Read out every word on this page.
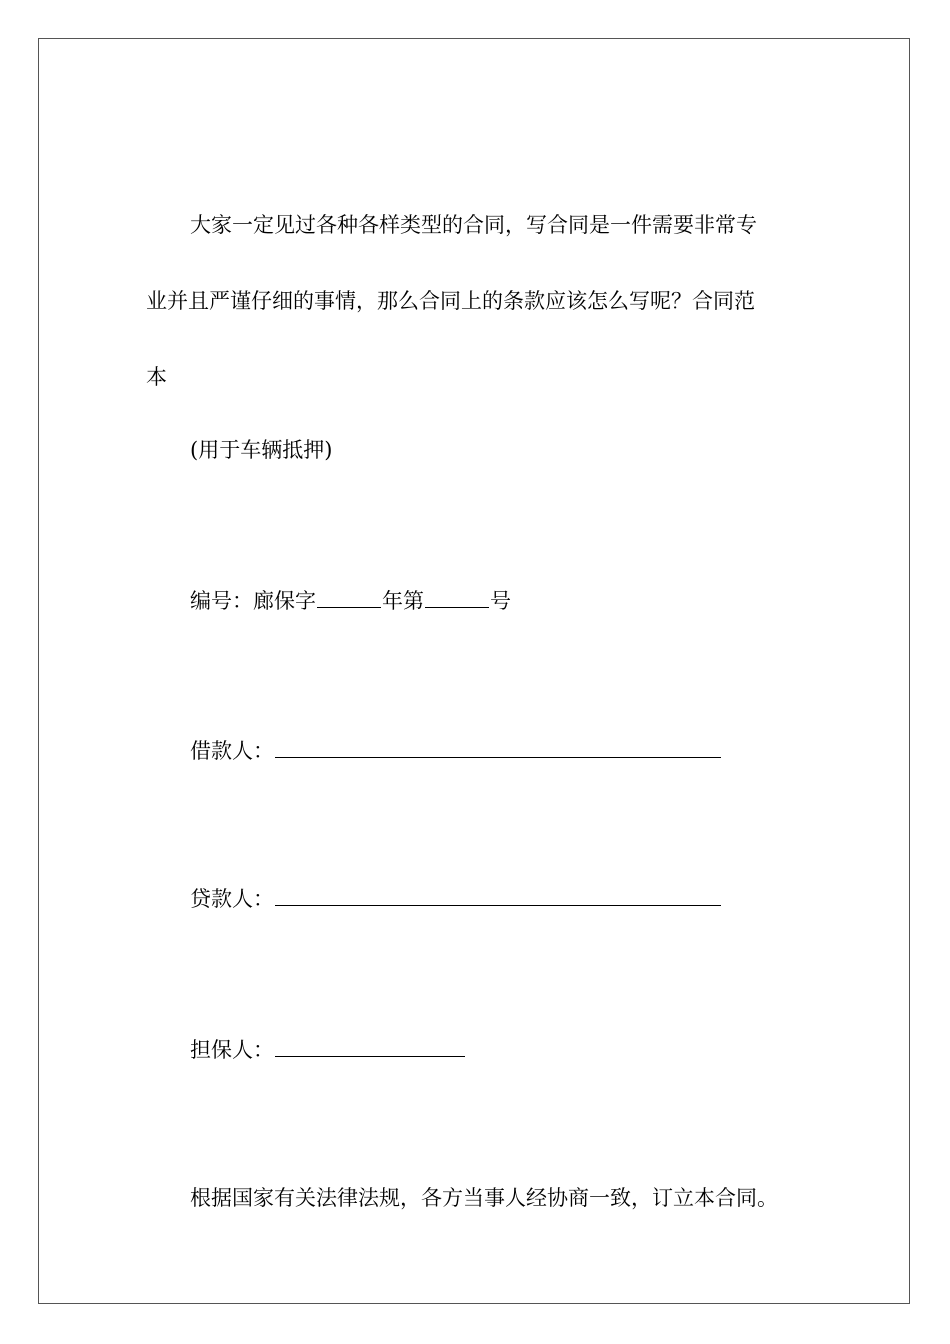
大家一定见过各种各样类型的合同，写合同是一件需要非常专
业并且严谨仔细的事情，那么合同上的条款应该怎么写呢？合同范
本
(用于车辆抵押)
编号：廊保字	年第	号
借款人：
贷款人：
担保人：
根据国家有关法律法规，各方当事人经协商一致，订立本合同。
